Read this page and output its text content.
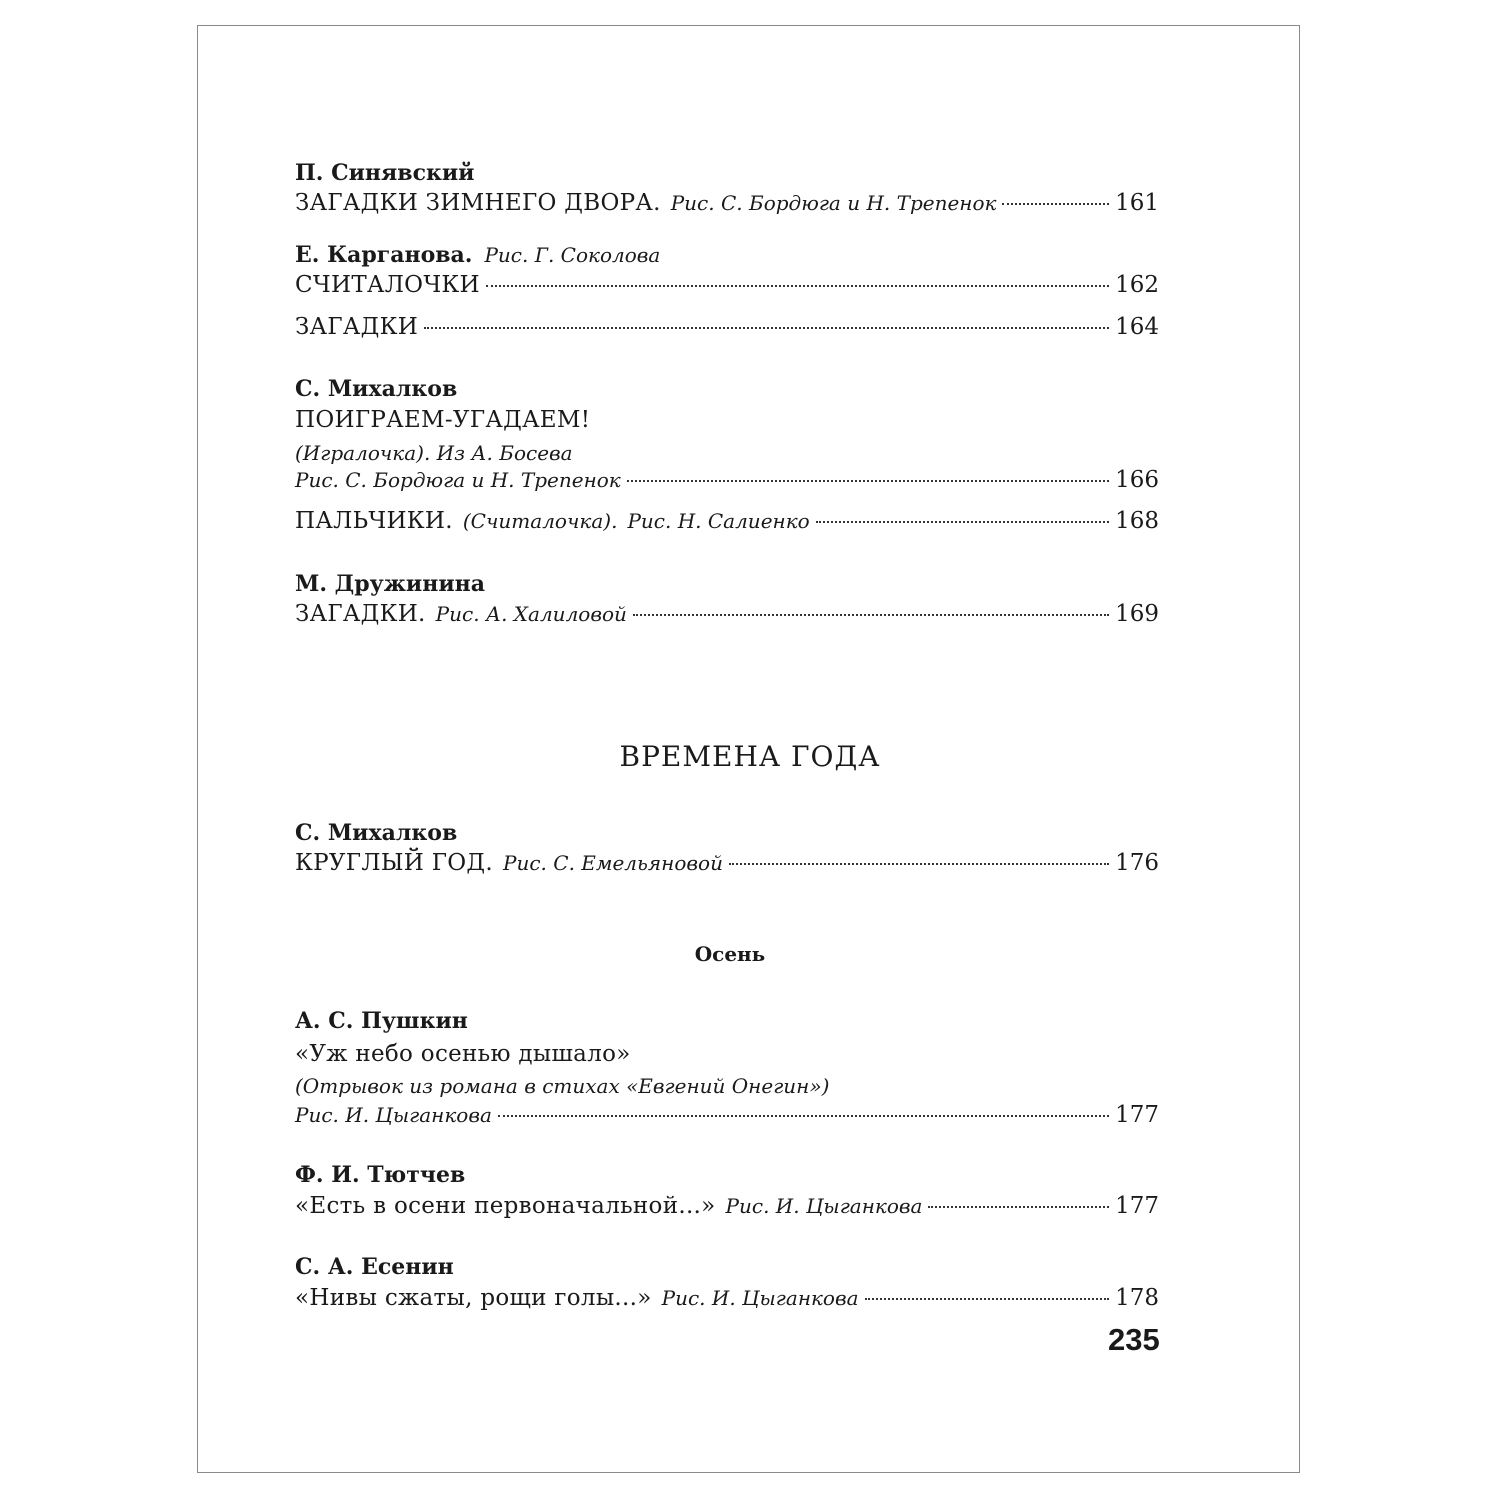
П. Синявский
ЗАГАДКИ ЗИМНЕГО ДВОРА. Рис. С. Бордюга и Н. Трепенок	161
Е. Карганова. Рис. Г. Соколова
СЧИТАЛОЧКИ	162
ЗАГАДКИ	164
С. Михалков
ПОИГРАЕМ-УГАДАЕМ!
(Игралочка). Из А. Босева
Рис. С. Бордюга и Н. Трепенок	166
ПАЛЬЧИКИ. (Считалочка). Рис. Н. Салиенко	168
М. Дружинина
ЗАГАДКИ. Рис. А. Халиловой	169
ВРЕМЕНА ГОДА
С. Михалков
КРУГЛЫЙ ГОД. Рис. С. Емельяновой	176
Осень
А. С. Пушкин
«Уж небо осенью дышало»
(Отрывок из романа в стихах «Евгений Онегин»)
Рис. И. Цыганкова	177
Ф. И. Тютчев
«Есть в осени первоначальной...» Рис. И. Цыганкова	177
С. А. Есенин
«Нивы сжаты, рощи голы...» Рис. И. Цыганкова	178
235
